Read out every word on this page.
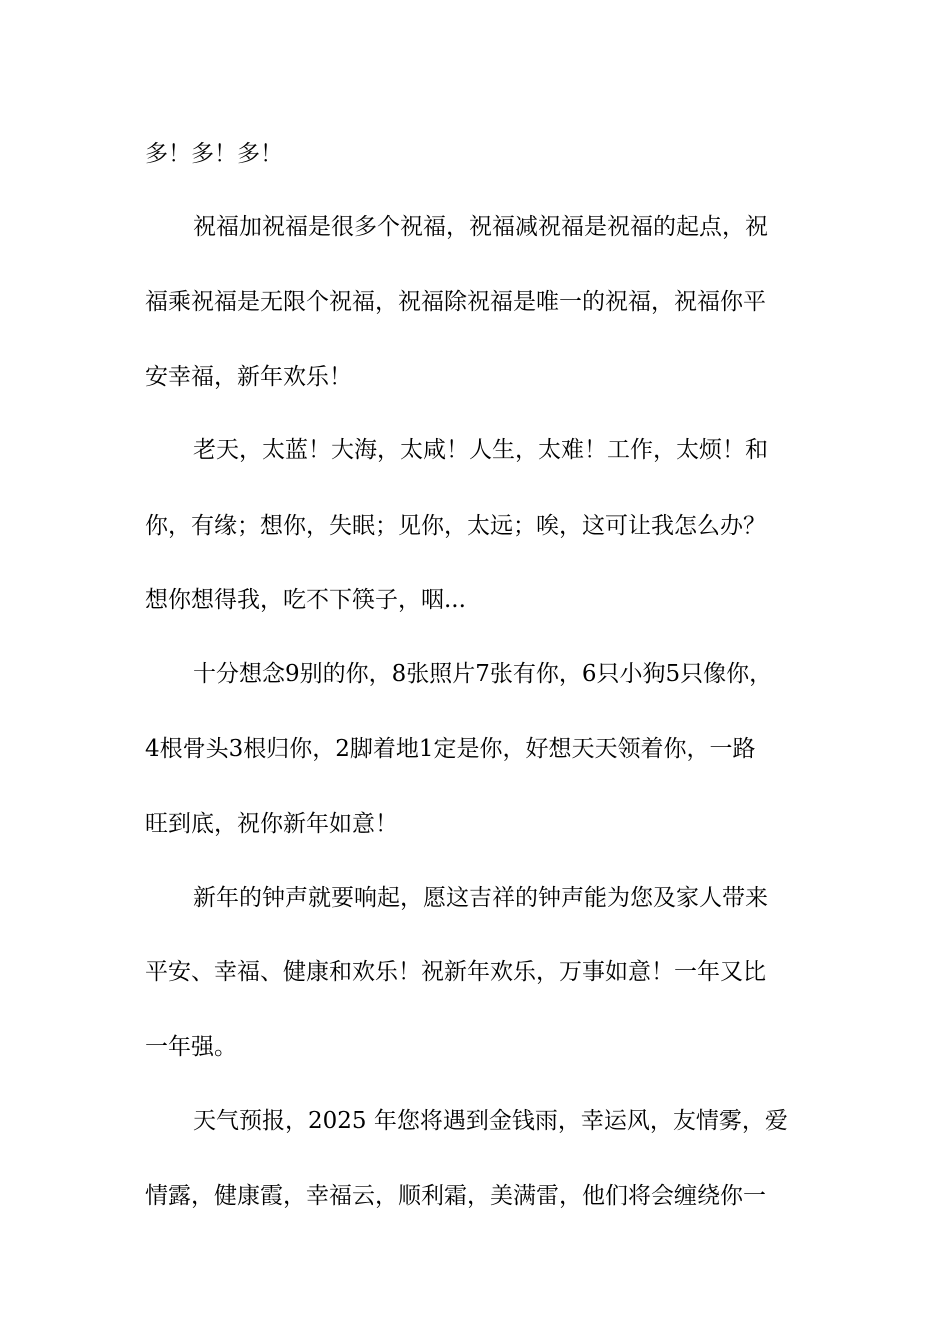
多！多！多！
祝福加祝福是很多个祝福，祝福减祝福是祝福的起点，祝
福乘祝福是无限个祝福，祝福除祝福是唯一的祝福，祝福你平
安幸福，新年欢乐！
老天，太蓝！大海，太咸！人生，太难！工作，太烦！和
你，有缘；想你，失眠；见你，太远；唉，这可让我怎么办？
想你想得我，吃不下筷子，咽...
十分想念9别的你，8张照片7张有你，6只小狗5只像你，
4根骨头3根归你，2脚着地1定是你，好想天天领着你，一路
旺到底，祝你新年如意！
新年的钟声就要响起，愿这吉祥的钟声能为您及家人带来
平安、幸福、健康和欢乐！祝新年欢乐，万事如意！一年又比
一年强。
天气预报，2025 年您将遇到金钱雨，幸运风，友情雾，爱
情露，健康霞，幸福云，顺利霜，美满雷，他们将会缠绕你一
